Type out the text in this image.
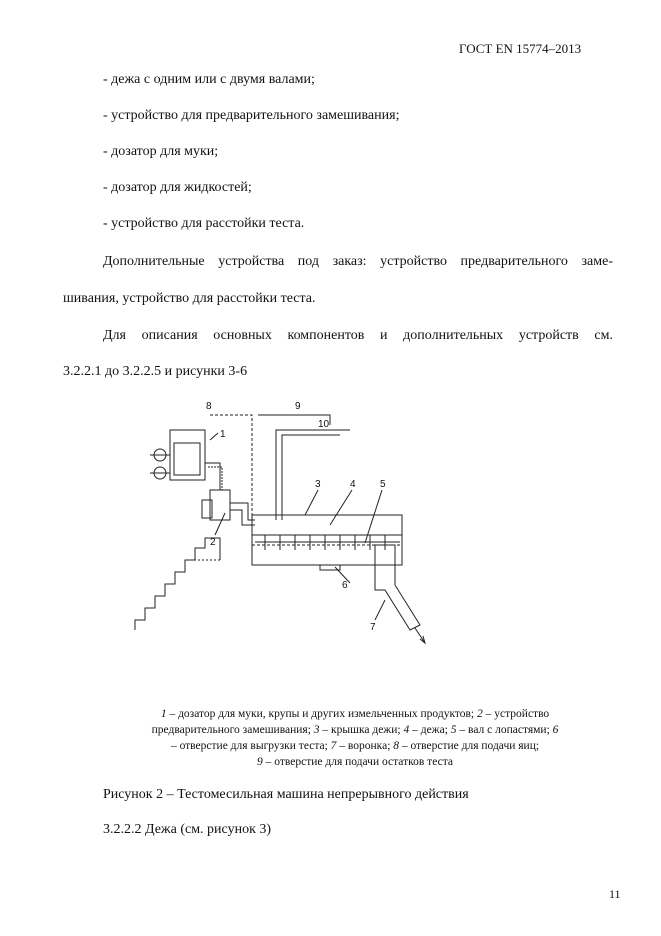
ГОСТ EN 15774–2013
- дежа с одним или с двумя валами;
- устройство для предварительного замешивания;
- дозатор для муки;
- дозатор для жидкостей;
- устройство для расстойки теста.
Дополнительные устройства под заказ: устройство предварительного заме-
шивания, устройство для расстойки теста.
Для описания основных компонентов и дополнительных устройств см.
3.2.2.1 до 3.2.2.5 и рисунки 3-6
1
2
3	4 5
6
7
8	9
10
1 – дозатор для муки, крупы и других измельченных продуктов; 2 – устройство
предварительного замешивания; 3 – крышка дежи; 4 – дежа; 5 – вал с лопастями; 6
– отверстие для выгрузки теста; 7 – воронка; 8 – отверстие для подачи яиц;
9 – отверстие для подачи остатков теста
Рисунок 2 – Тестомесильная машина непрерывного действия
3.2.2.2 Дежа (см. рисунок 3)
11
